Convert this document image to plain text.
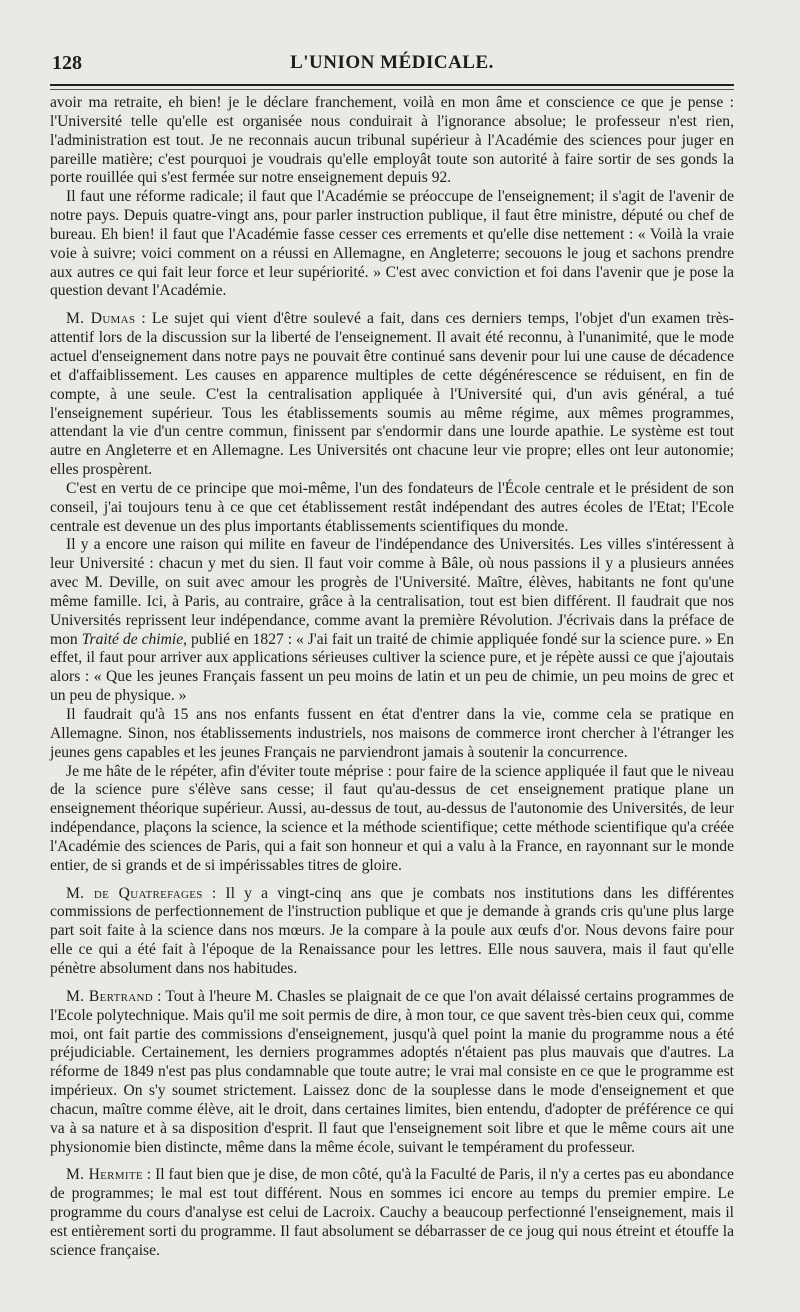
128	L'UNION MÉDICALE.

avoir ma retraite, eh bien! je le déclare franchement, voilà en mon âme et conscience ce que je pense : l'Université telle qu'elle est organisée nous conduirait à l'ignorance absolue; le professeur n'est rien, l'administration est tout. Je ne reconnais aucun tribunal supérieur à l'Académie des sciences pour juger en pareille matière; c'est pourquoi je voudrais qu'elle employât toute son autorité à faire sortir de ses gonds la porte rouillée qui s'est fermée sur notre enseignement depuis 92.

Il faut une réforme radicale; il faut que l'Académie se préoccupe de l'enseignement; il s'agit de l'avenir de notre pays. Depuis quatre-vingt ans, pour parler instruction publique, il faut être ministre, député ou chef de bureau. Eh bien! il faut que l'Académie fasse cesser ces errements et qu'elle dise nettement : « Voilà la vraie voie à suivre; voici comment on a réussi en Allemagne, en Angleterre; secouons le joug et sachons prendre aux autres ce qui fait leur force et leur supériorité. » C'est avec conviction et foi dans l'avenir que je pose la question devant l'Académie.

M. Dumas : Le sujet qui vient d'être soulevé a fait, dans ces derniers temps, l'objet d'un examen très-attentif lors de la discussion sur la liberté de l'enseignement. Il avait été reconnu, à l'unanimité, que le mode actuel d'enseignement dans notre pays ne pouvait être continué sans devenir pour lui une cause de décadence et d'affaiblissement. Les causes en apparence multiples de cette dégénérescence se réduisent, en fin de compte, à une seule. C'est la centralisation appliquée à l'Université qui, d'un avis général, a tué l'enseignement supérieur. Tous les établissements soumis au même régime, aux mêmes programmes, attendant la vie d'un centre commun, finissent par s'endormir dans une lourde apathie. Le système est tout autre en Angleterre et en Allemagne. Les Universités ont chacune leur vie propre; elles ont leur autonomie; elles prospèrent.

C'est en vertu de ce principe que moi-même, l'un des fondateurs de l'École centrale et le président de son conseil, j'ai toujours tenu à ce que cet établissement restât indépendant des autres écoles de l'Etat; l'Ecole centrale est devenue un des plus importants établissements scientifiques du monde.

Il y a encore une raison qui milite en faveur de l'indépendance des Universités. Les villes s'intéressent à leur Université : chacun y met du sien. Il faut voir comme à Bâle, où nous passions il y a plusieurs années avec M. Deville, on suit avec amour les progrès de l'Université. Maître, élèves, habitants ne font qu'une même famille. Ici, à Paris, au contraire, grâce à la centralisation, tout est bien différent. Il faudrait que nos Universités reprissent leur indépendance, comme avant la première Révolution. J'écrivais dans la préface de mon Traité de chimie, publié en 1827 : « J'ai fait un traité de chimie appliquée fondé sur la science pure. » En effet, il faut pour arriver aux applications sérieuses cultiver la science pure, et je répète aussi ce que j'ajoutais alors : « Que les jeunes Français fassent un peu moins de latin et un peu de chimie, un peu moins de grec et un peu de physique. »

Il faudrait qu'à 15 ans nos enfants fussent en état d'entrer dans la vie, comme cela se pratique en Allemagne. Sinon, nos établissements industriels, nos maisons de commerce iront chercher à l'étranger les jeunes gens capables et les jeunes Français ne parviendront jamais à soutenir la concurrence.

Je me hâte de le répéter, afin d'éviter toute méprise : pour faire de la science appliquée il faut que le niveau de la science pure s'élève sans cesse; il faut qu'au-dessus de cet enseignement pratique plane un enseignement théorique supérieur. Aussi, au-dessus de tout, au-dessus de l'autonomie des Universités, de leur indépendance, plaçons la science, la science et la méthode scientifique; cette méthode scientifique qu'a créée l'Académie des sciences de Paris, qui a fait son honneur et qui a valu à la France, en rayonnant sur le monde entier, de si grands et de si impérissables titres de gloire.

M. de Quatrefages : Il y a vingt-cinq ans que je combats nos institutions dans les différentes commissions de perfectionnement de l'instruction publique et que je demande à grands cris qu'une plus large part soit faite à la science dans nos mœurs. Je la compare à la poule aux œufs d'or. Nous devons faire pour elle ce qui a été fait à l'époque de la Renaissance pour les lettres. Elle nous sauvera, mais il faut qu'elle pénètre absolument dans nos habitudes.

M. Bertrand : Tout à l'heure M. Chasles se plaignait de ce que l'on avait délaissé certains programmes de l'Ecole polytechnique. Mais qu'il me soit permis de dire, à mon tour, ce que savent très-bien ceux qui, comme moi, ont fait partie des commissions d'enseignement, jusqu'à quel point la manie du programme nous a été préjudiciable. Certainement, les derniers programmes adoptés n'étaient pas plus mauvais que d'autres. La réforme de 1849 n'est pas plus condamnable que toute autre; le vrai mal consiste en ce que le programme est impérieux. On s'y soumet strictement. Laissez donc de la souplesse dans le mode d'enseignement et que chacun, maître comme élève, ait le droit, dans certaines limites, bien entendu, d'adopter de préférence ce qui va à sa nature et à sa disposition d'esprit. Il faut que l'enseignement soit libre et que le même cours ait une physionomie bien distincte, même dans la même école, suivant le tempérament du professeur.

M. Hermite : Il faut bien que je dise, de mon côté, qu'à la Faculté de Paris, il n'y a certes pas eu abondance de programmes; le mal est tout différent. Nous en sommes ici encore au temps du premier empire. Le programme du cours d'analyse est celui de Lacroix. Cauchy a beaucoup perfectionné l'enseignement, mais il est entièrement sorti du programme. Il faut absolument se débarrasser de ce joug qui nous étreint et étouffe la science française.
